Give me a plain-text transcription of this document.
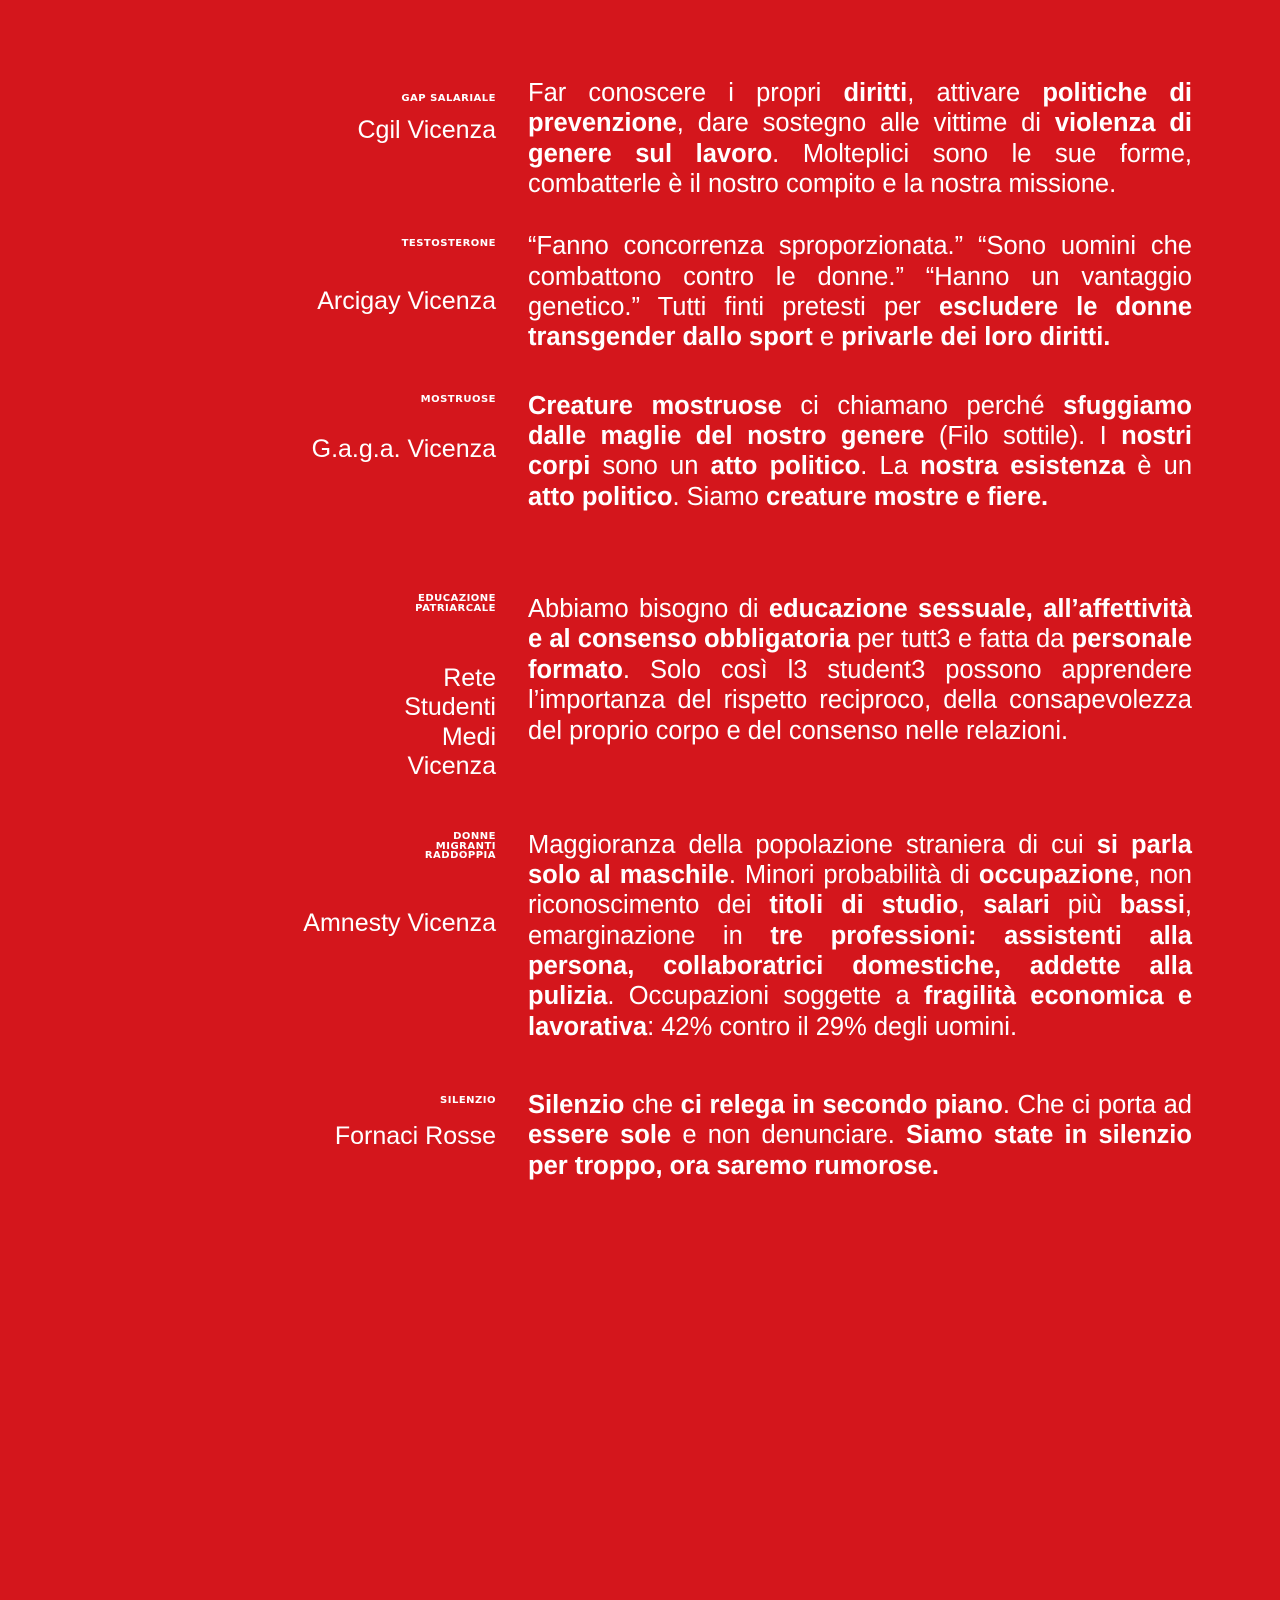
GAP SALARIALE
Cgil Vicenza
Far conoscere i propri diritti, attivare politiche di prevenzione, dare sostegno alle vittime di violenza di genere sul lavoro. Molteplici sono le sue forme, combatterle è il nostro compito e la nostra missione.
TESTOSTERONE
Arcigay Vicenza
“Fanno concorrenza sproporzionata.” “Sono uomini che combattono contro le donne.” “Hanno un vantaggio genetico.” Tutti finti pretesti per escludere le donne transgender dallo sport e privarle dei loro diritti.
MOSTRUOSE
G.a.g.a. Vicenza
Creature mostruose ci chiamano perché sfuggiamo dalle maglie del nostro genere (Filo sottile). I nostri corpi sono un atto politico. La nostra esistenza è un atto politico. Siamo creature mostre e fiere.
EDUCAZIONE
PATRIARCALE
Rete
Studenti
Medi
Vicenza
Abbiamo bisogno di educazione sessuale, all’affettività e al consenso obbligatoria per tutt3 e fatta da personale formato. Solo così l3 student3 possono apprendere l’importanza del rispetto reciproco, della consapevolezza del proprio corpo e del consenso nelle relazioni.
DONNE
MIGRANTI
RADDOPPIA
Amnesty Vicenza
Maggioranza della popolazione straniera di cui si parla solo al maschile. Minori probabilità di occupazione, non riconoscimento dei titoli di studio, salari più bassi, emarginazione in tre professioni: assistenti alla persona, collaboratrici domestiche, addette alla pulizia. Occupazioni soggette a fragilità economica e lavorativa: 42% contro il 29% degli uomini.
SILENZIO
Fornaci Rosse
Silenzio che ci relega in secondo piano. Che ci porta ad essere sole e non denunciare. Siamo state in silenzio per troppo, ora saremo rumorose.
